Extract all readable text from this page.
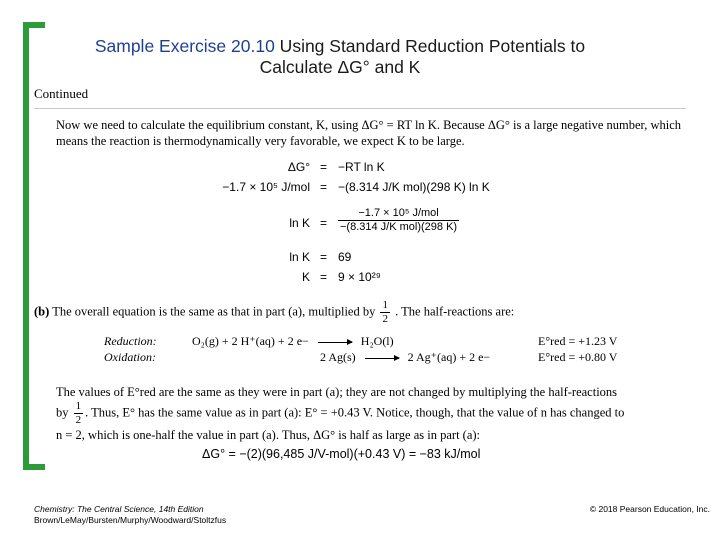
Sample Exercise 20.10 Using Standard Reduction Potentials to
Calculate ΔG° and K
Continued
Now we need to calculate the equilibrium constant, K, using ΔG° = RT ln K. Because ΔG° is a large negative number, which means the reaction is thermodynamically very favorable, we expect K to be large.
ΔG° = −RT ln K
−1.7 × 10⁵ J/mol = −(8.314 J/K mol)(298 K) ln K
$\ln K = \frac{\text{−1.7 × 10⁵ J/mol}}{\text{−(8.314 J/K mol)(298 K)}}$
ln K = 69
K = 9 × 10²⁹
(b) The overall equation is the same as that in part (a), multiplied by $\frac{1}{2}$ . The half-reactions are:
Reduction:
Oxidation:
O₂(g) + 2 H⁺(aq) + 2 e−	H₂O(l)
2 Ag(s)	2 Ag⁺(aq) + 2 e−
E°red = +1.23 V
E°red = +0.80 V
The values of E°red are the same as they were in part (a); they are not changed by multiplying the half-reactions
by $\frac{1}{2}$ . Thus, E° has the same value as in part (a): E° = +0.43 V. Notice, though, that the value of n has changed to
n = 2, which is one-half the value in part (a). Thus, ΔG° is half as large as in part (a):
ΔG° = −(2)(96,485 J/V-mol)(+0.43 V) = −83 kJ/mol
Chemistry: The Central Science, 14th Edition
Brown/LeMay/Bursten/Murphy/Woodward/Stoltzfus
© 2018 Pearson Education, Inc.
